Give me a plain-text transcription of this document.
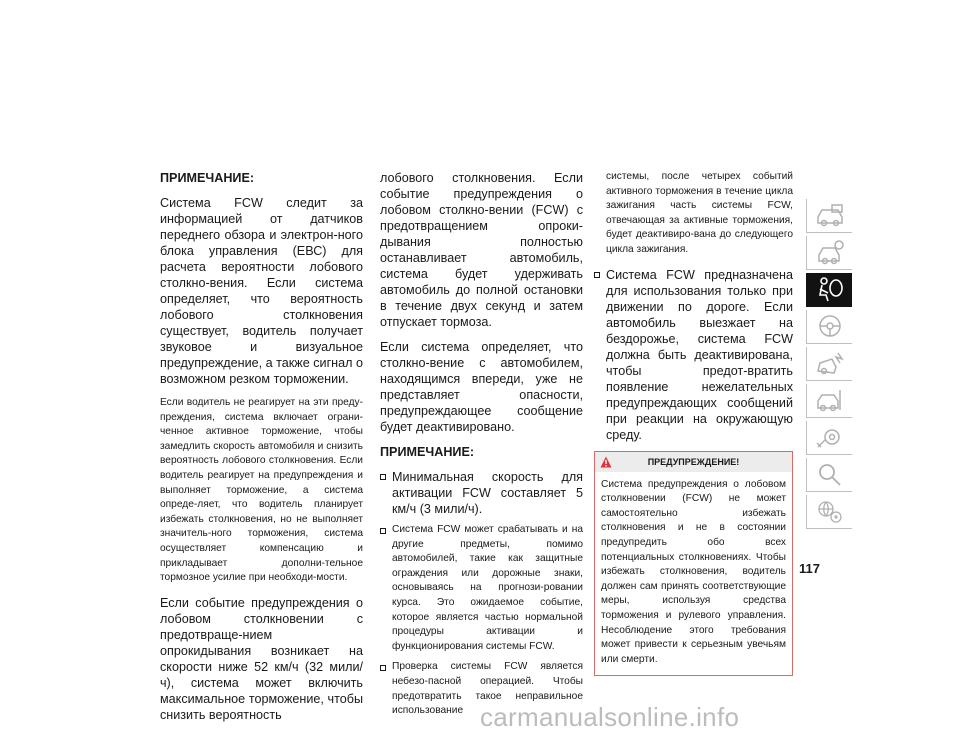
ПРИМЕЧАНИЕ:

Система FCW следит за информацией от датчиков переднего обзора и электрон-ного блока управления (ЕВС) для расчета вероятности лобового столкно-вения. Если система определяет, что вероятность лобового столкновения существует, водитель получает звуковое и визуальное предупреждение, а также сигнал о возможном резком торможении.

Если водитель не реагирует на эти преду-преждения, система включает ограни-ченное активное торможение, чтобы замедлить скорость автомобиля и снизить вероятность лобового столкновения. Если водитель реагирует на предупреждения и выполняет торможение, а система опреде-ляет, что водитель планирует избежать столкновения, но не выполняет значитель-ного торможения, система осуществляет компенсацию и прикладывает дополни-тельное тормозное усилие при необходи-мости.

Если событие предупреждения о лобовом столкновении с предотвраще-нием опрокидывания возникает на скорости ниже 52 км/ч (32 мили/ч), система может включить максимальное торможение, чтобы снизить вероятность

лобового столкновения. Если событие предупреждения о лобовом столкно-вении (FCW) с предотвращением опроки-дывания полностью останавливает автомобиль, система будет удерживать автомобиль до полной остановки в течение двух секунд и затем отпускает тормоза.

Если система определяет, что столкно-вение с автомобилем, находящимся впереди, уже не представляет опасности, предупреждающее сообщение будет деактивировано.

ПРИМЕЧАНИЕ:

Минимальная скорость для активации FCW составляет 5 км/ч (3 мили/ч).
Система FCW может срабатывать и на другие предметы, помимо автомобилей, такие как защитные ограждения или дорожные знаки, основываясь на прогнози-ровании курса. Это ожидаемое событие, которое является частью нормальной процедуры активации и функционирования системы FCW.
Проверка системы FCW является небезо-пасной операцией. Чтобы предотвратить такое неправильное использование

системы, после четырех событий активного торможения в течение цикла зажигания часть системы FCW, отвечающая за активные торможения, будет деактивиро-вана до следующего цикла зажигания.

Система FCW предназначена для использования только при движении по дороге. Если автомобиль выезжает на бездорожье, система FCW должна быть деактивирована, чтобы предот-вратить появление нежелательных предупреждающих сообщений при реакции на окружающую среду.
ПРЕДУПРЕЖДЕНИЕ!
Система предупреждения о лобовом столкновении (FCW) не может самостоятельно избежать столкновения и не в состоянии предупредить обо всех потенциальных столкновениях. Чтобы избежать столкновения, водитель должен сам принять соответствующие меры, используя средства торможения и рулевого управления. Несоблюдение этого требования может привести к серьезным увечьям или смерти.
117
carmanualsonline.info
